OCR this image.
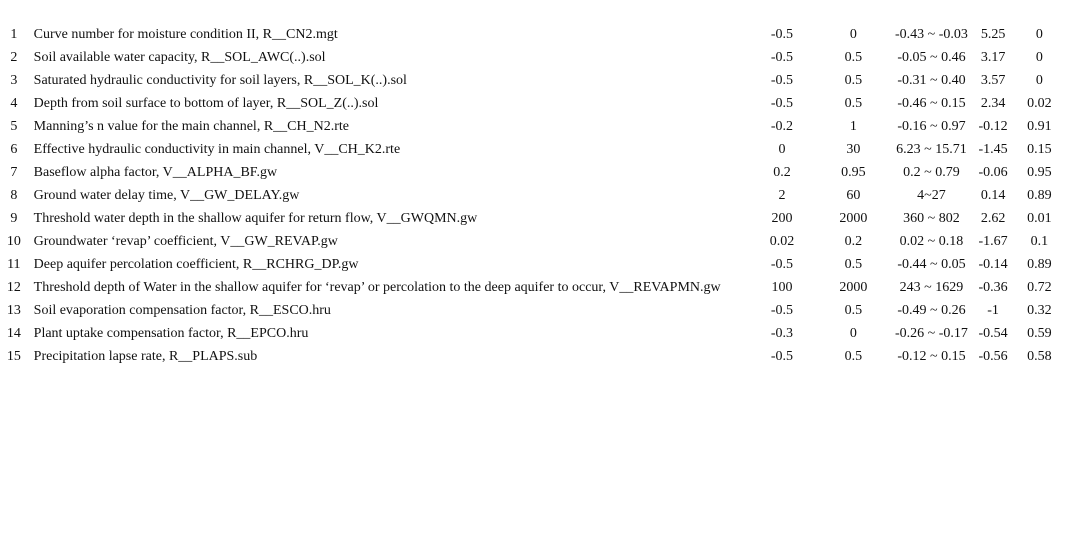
1	Curve number for moisture condition II, R__CN2.mgt	-0.5	0	-0.43 ~ -0.03	5.25	0
2	Soil available water capacity, R__SOL_AWC(..).sol	-0.5	0.5	-0.05 ~ 0.46	3.17	0
3	Saturated hydraulic conductivity for soil layers, R__SOL_K(..).sol	-0.5	0.5	-0.31 ~ 0.40	3.57	0
4	Depth from soil surface to bottom of layer, R__SOL_Z(..).sol	-0.5	0.5	-0.46 ~ 0.15	2.34	0.02
5	Manning’s n value for the main channel, R__CH_N2.rte	-0.2	1	-0.16 ~ 0.97	-0.12	0.91
6	Effective hydraulic conductivity in main channel, V__CH_K2.rte	0	30	6.23 ~ 15.71	-1.45	0.15
7	Baseflow alpha factor, V__ALPHA_BF.gw	0.2	0.95	0.2 ~ 0.79	-0.06	0.95
8	Ground water delay time, V__GW_DELAY.gw	2	60	4~27	0.14	0.89
9	Threshold water depth in the shallow aquifer for return flow, V__GWQMN.gw	200	2000	360 ~ 802	2.62	0.01
10	Groundwater ‘revap’ coefficient, V__GW_REVAP.gw	0.02	0.2	0.02 ~ 0.18	-1.67	0.1
11	Deep aquifer percolation coefficient, R__RCHRG_DP.gw	-0.5	0.5	-0.44 ~ 0.05	-0.14	0.89
12	Threshold depth of Water in the shallow aquifer for ‘revap’ or percolation to the deep aquifer to occur, V__REVAPMN.gw	100	2000	243 ~ 1629	-0.36	0.72
13	Soil evaporation compensation factor, R__ESCO.hru	-0.5	0.5	-0.49 ~ 0.26	-1	0.32
14	Plant uptake compensation factor, R__EPCO.hru	-0.3	0	-0.26 ~ -0.17	-0.54	0.59
15	Precipitation lapse rate, R__PLAPS.sub	-0.5	0.5	-0.12 ~ 0.15	-0.56	0.58
